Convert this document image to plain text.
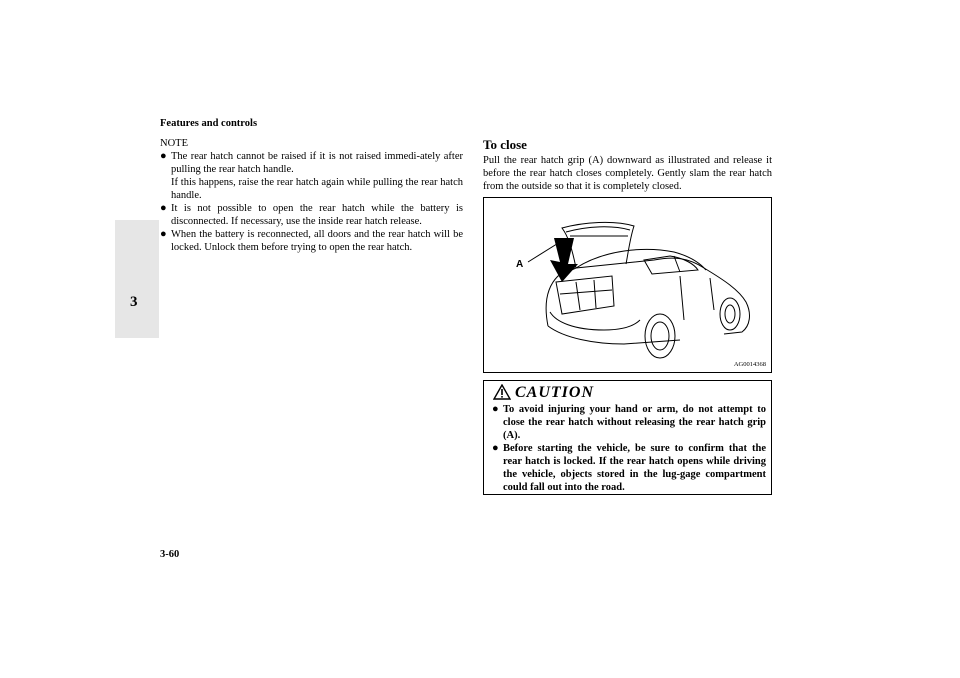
Features and controls
3
NOTE
● The rear hatch cannot be raised if it is not raised immedi-ately after pulling the rear hatch handle.
If this happens, raise the rear hatch again while pulling the rear hatch handle.
● It is not possible to open the rear hatch while the battery is disconnected. If necessary, use the inside rear hatch release.
● When the battery is reconnected, all doors and the rear hatch will be locked. Unlock them before trying to open the rear hatch.
To close
Pull the rear hatch grip (A) downward as illustrated and release it before the rear hatch closes completely. Gently slam the rear hatch from the outside so that it is completely closed.
A
AG0014368
CAUTION
● To avoid injuring your hand or arm, do not attempt to close the rear hatch without releasing the rear hatch grip (A).
● Before starting the vehicle, be sure to confirm that the rear hatch is locked. If the rear hatch opens while driving the vehicle, objects stored in the lug-gage compartment could fall out into the road.
3-60
